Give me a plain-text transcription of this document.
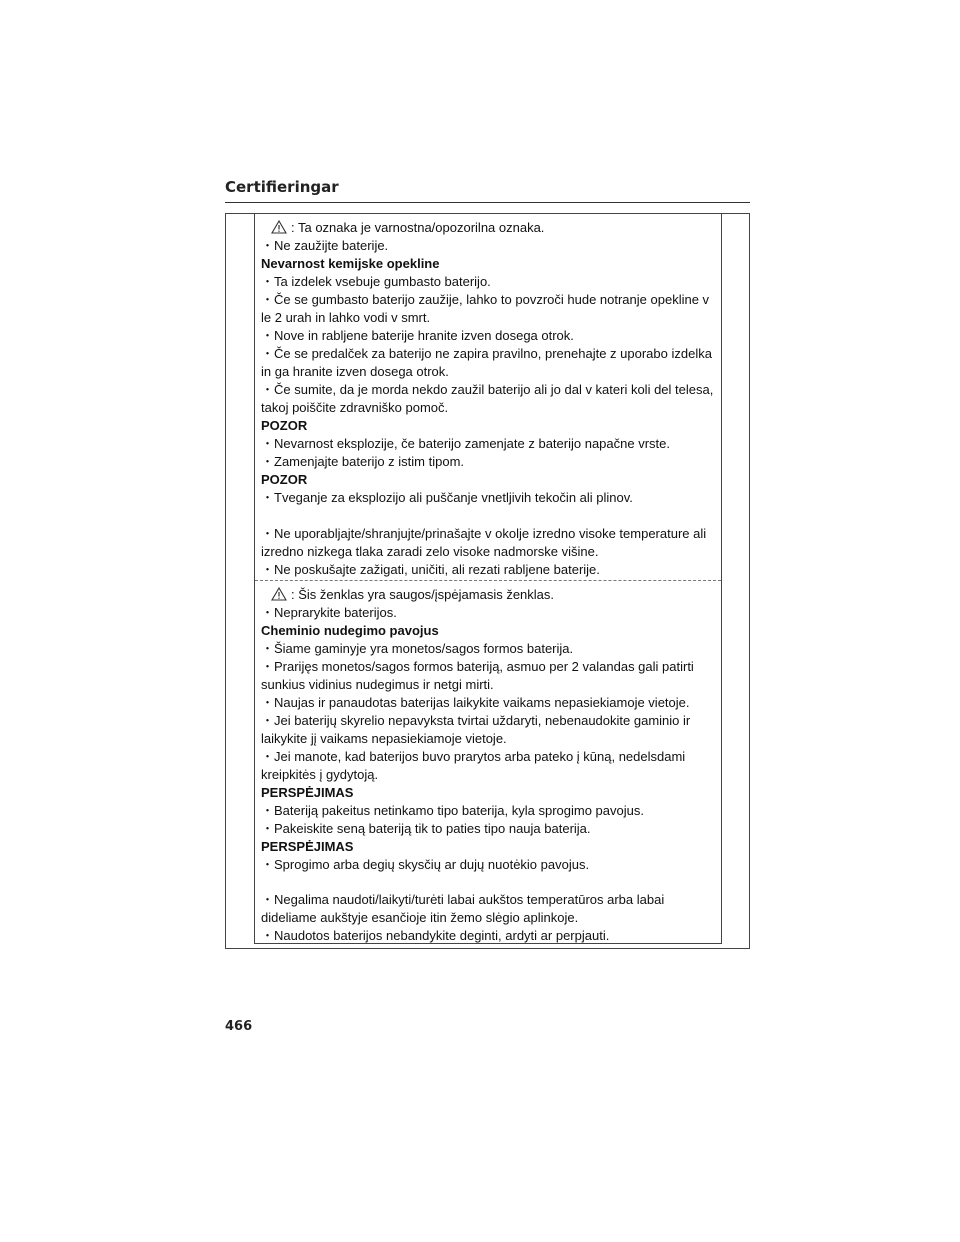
Certifieringar
: Ta oznaka je varnostna/opozorilna oznaka.
・Ne zaužijte baterije.
Nevarnost kemijske opekline
・Ta izdelek vsebuje gumbasto baterijo.
・Če se gumbasto baterijo zaužije, lahko to povzroči hude notranje opekline v
le 2 urah in lahko vodi v smrt.
・Nove in rabljene baterije hranite izven dosega otrok.
・Če se predalček za baterijo ne zapira pravilno, prenehajte z uporabo izdelka
in ga hranite izven dosega otrok.
・Če sumite, da je morda nekdo zaužil baterijo ali jo dal v kateri koli del telesa,
takoj poiščite zdravniško pomoč.
POZOR
・Nevarnost eksplozije, če baterijo zamenjate z baterijo napačne vrste.
・Zamenjajte baterijo z istim tipom.
POZOR
・Tveganje za eksplozijo ali puščanje vnetljivih tekočin ali plinov.
・Ne uporabljajte/shranjujte/prinašajte v okolje izredno visoke temperature ali
izredno nizkega tlaka zaradi zelo visoke nadmorske višine.
・Ne poskušajte zažigati, uničiti, ali rezati rabljene baterije.
: Šis ženklas yra saugos/įspėjamasis ženklas.
・Neprarykite baterijos.
Cheminio nudegimo pavojus
・Šiame gaminyje yra monetos/sagos formos baterija.
・Prarijęs monetos/sagos formos bateriją, asmuo per 2 valandas gali patirti
sunkius vidinius nudegimus ir netgi mirti.
・Naujas ir panaudotas baterijas laikykite vaikams nepasiekiamoje vietoje.
・Jei baterijų skyrelio nepavyksta tvirtai uždaryti, nebenaudokite gaminio ir
laikykite jį vaikams nepasiekiamoje vietoje.
・Jei manote, kad baterijos buvo prarytos arba pateko į kūną, nedelsdami
kreipkitės į gydytoją.
PERSPĖJIMAS
・Bateriją pakeitus netinkamo tipo baterija, kyla sprogimo pavojus.
・Pakeiskite seną bateriją tik to paties tipo nauja baterija.
PERSPĖJIMAS
・Sprogimo arba degių skysčių ar dujų nuotėkio pavojus.
・Negalima naudoti/laikyti/turėti labai aukštos temperatūros arba labai
dideliame aukštyje esančioje itin žemo slėgio aplinkoje.
・Naudotos baterijos nebandykite deginti, ardyti ar perpjauti.
466
